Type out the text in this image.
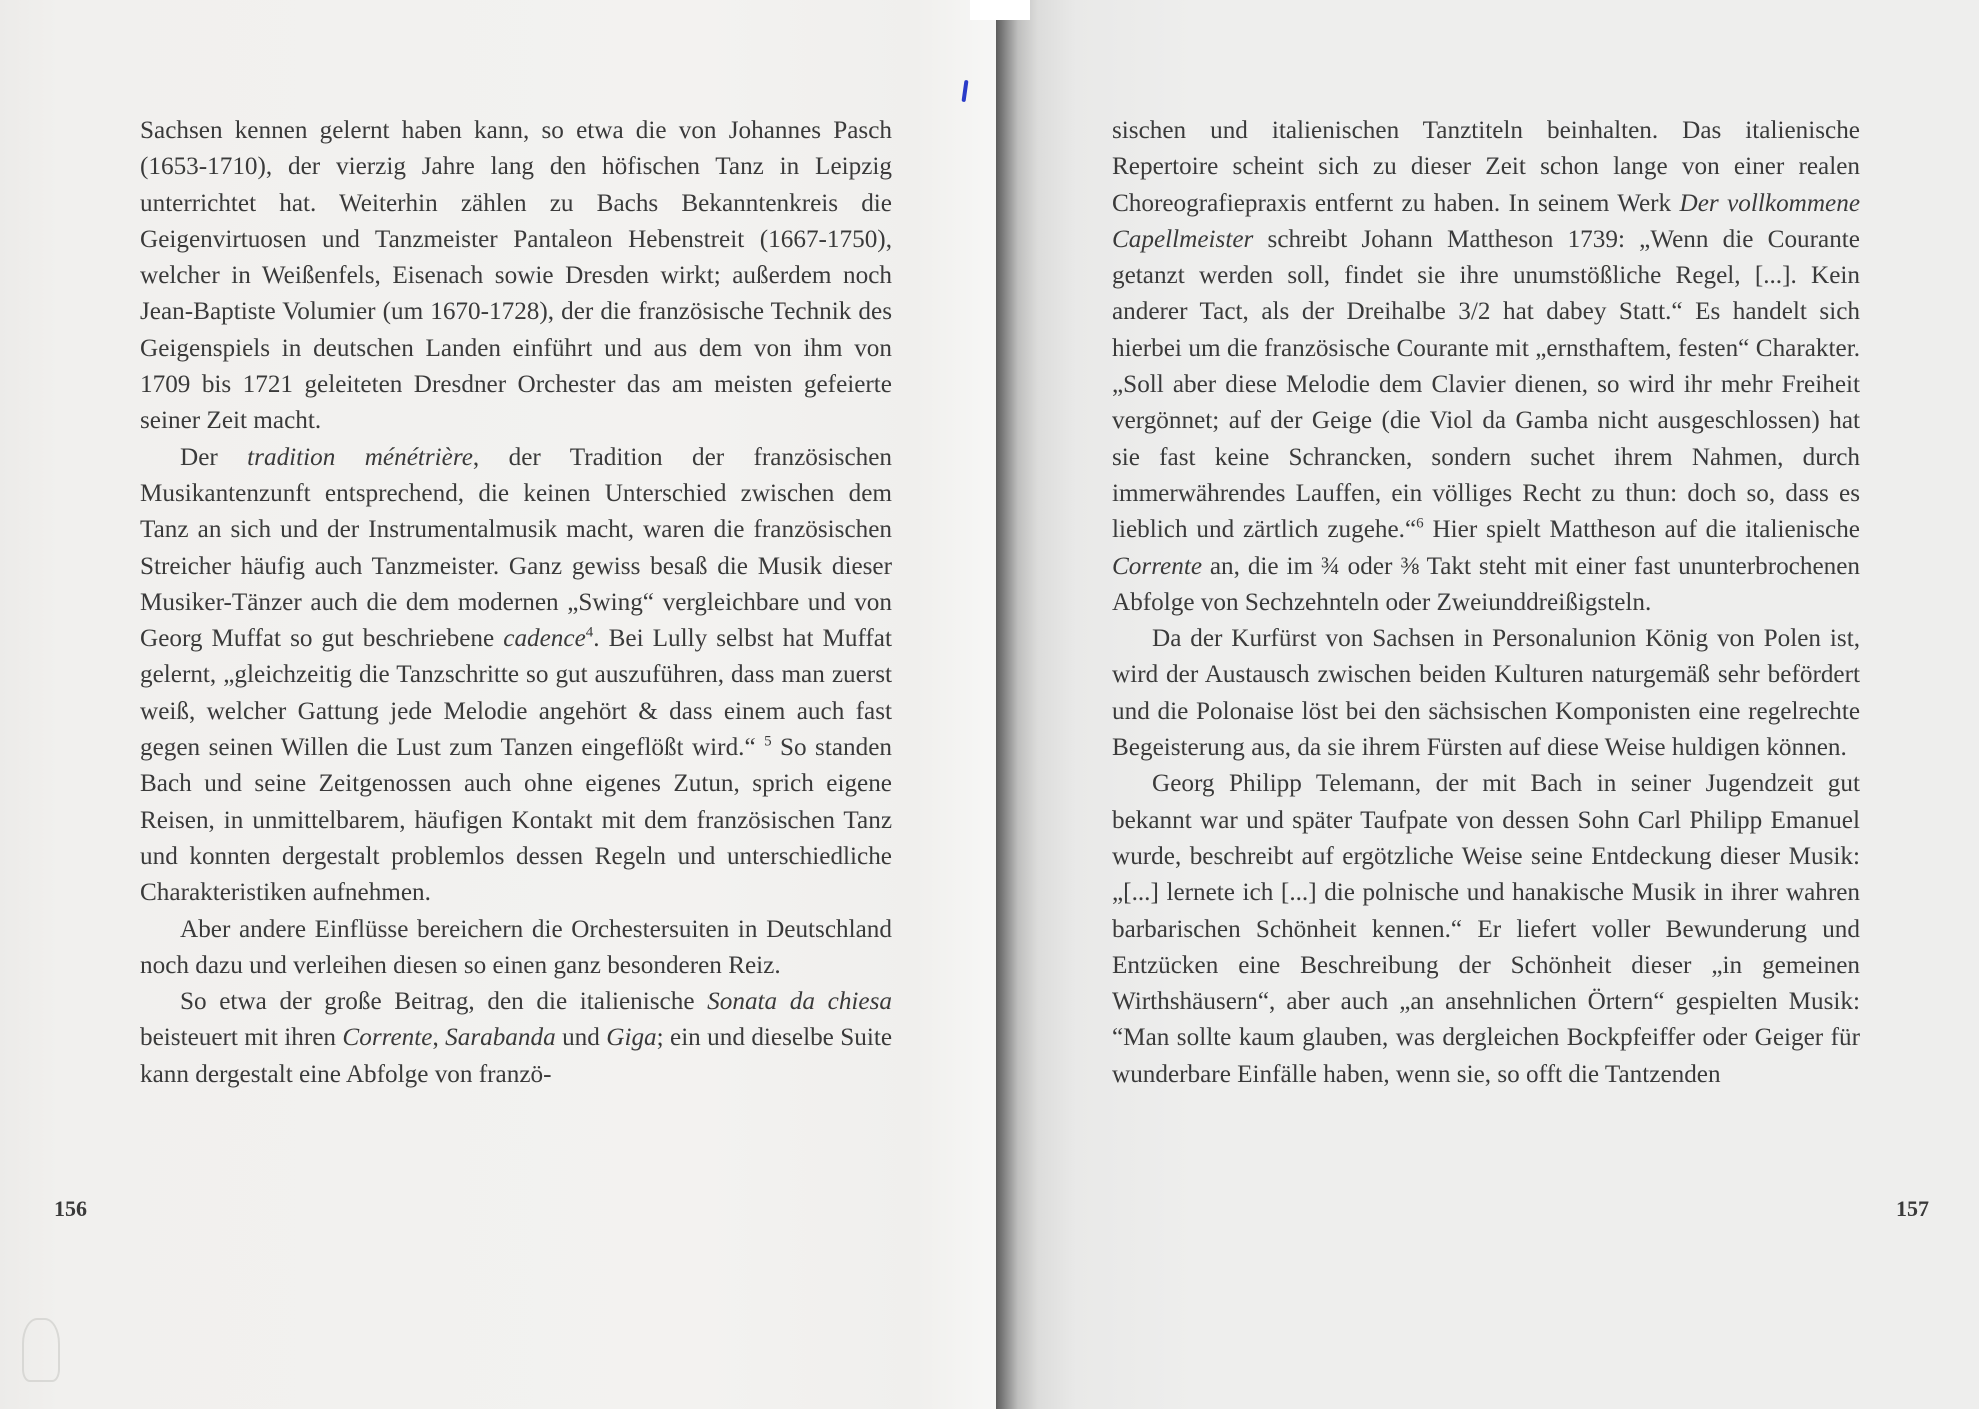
Sachsen kennen gelernt haben kann, so etwa die von Johannes Pasch (1653-1710), der vierzig Jahre lang den höfischen Tanz in Leipzig unterrichtet hat. Weiterhin zählen zu Bachs Bekanntenkreis die Geigenvirtuosen und Tanzmeister Pantaleon Hebenstreit (1667-1750), welcher in Weißenfels, Eisenach sowie Dresden wirkt; außerdem noch Jean-Baptiste Volumier (um 1670-1728), der die französische Technik des Geigenspiels in deutschen Landen einführt und aus dem von ihm von 1709 bis 1721 geleiteten Dresdner Orchester das am meisten gefeierte seiner Zeit macht.

Der tradition ménétrière, der Tradition der französischen Musikantenzunft entsprechend, die keinen Unterschied zwischen dem Tanz an sich und der Instrumentalmusik macht, waren die französischen Streicher häufig auch Tanzmeister. Ganz gewiss besaß die Musik dieser Musiker-Tänzer auch die dem modernen „Swing“ vergleichbare und von Georg Muffat so gut beschriebene cadence$^4$. Bei Lully selbst hat Muffat gelernt, „gleichzeitig die Tanzschritte so gut auszuführen, dass man zuerst weiß, welcher Gattung jede Melodie angehört & dass einem auch fast gegen seinen Willen die Lust zum Tanzen eingeflößt wird.“ $^5$ So standen Bach und seine Zeitgenossen auch ohne eigenes Zutun, sprich eigene Reisen, in unmittelbarem, häufigen Kontakt mit dem französischen Tanz und konnten dergestalt problemlos dessen Regeln und unterschiedliche Charakteristiken aufnehmen.

Aber andere Einflüsse bereichern die Orchestersuiten in Deutschland noch dazu und verleihen diesen so einen ganz besonderen Reiz.

So etwa der große Beitrag, den die italienische Sonata da chiesa beisteuert mit ihren Corrente, Sarabanda und Giga; ein und dieselbe Suite kann dergestalt eine Abfolge von franzö-

156

sischen und italienischen Tanztiteln beinhalten. Das italienische Repertoire scheint sich zu dieser Zeit schon lange von einer realen Choreografiepraxis entfernt zu haben. In seinem Werk Der vollkommene Capellmeister schreibt Johann Mattheson 1739: „Wenn die Courante getanzt werden soll, findet sie ihre unumstößliche Regel, [...]. Kein anderer Tact, als der Dreihalbe 3/2 hat dabey Statt.“ Es handelt sich hierbei um die französische Courante mit „ernsthaftem, festen“ Charakter. „Soll aber diese Melodie dem Clavier dienen, so wird ihr mehr Freiheit vergönnet; auf der Geige (die Viol da Gamba nicht ausgeschlossen) hat sie fast keine Schrancken, sondern suchet ihrem Nahmen, durch immerwährendes Lauffen, ein völliges Recht zu thun: doch so, dass es lieblich und zärtlich zugehe.“$^6$ Hier spielt Mattheson auf die italienische Corrente an, die im ¾ oder ⅜ Takt steht mit einer fast ununterbrochenen Abfolge von Sechzehnteln oder Zweiunddreißigsteln.

Da der Kurfürst von Sachsen in Personalunion König von Polen ist, wird der Austausch zwischen beiden Kulturen naturgemäß sehr befördert und die Polonaise löst bei den sächsischen Komponisten eine regelrechte Begeisterung aus, da sie ihrem Fürsten auf diese Weise huldigen können.

Georg Philipp Telemann, der mit Bach in seiner Jugendzeit gut bekannt war und später Taufpate von dessen Sohn Carl Philipp Emanuel wurde, beschreibt auf ergötzliche Weise seine Entdeckung dieser Musik: „[...] lernete ich [...] die polnische und hanakische Musik in ihrer wahren barbarischen Schönheit kennen.“ Er liefert voller Bewunderung und Entzücken eine Beschreibung der Schönheit dieser „in gemeinen Wirthshäusern“, aber auch „an ansehnlichen Örtern“ gespielten Musik: “Man sollte kaum glauben, was dergleichen Bockpfeiffer oder Geiger für wunderbare Einfälle haben, wenn sie, so offt die Tantzenden

157
